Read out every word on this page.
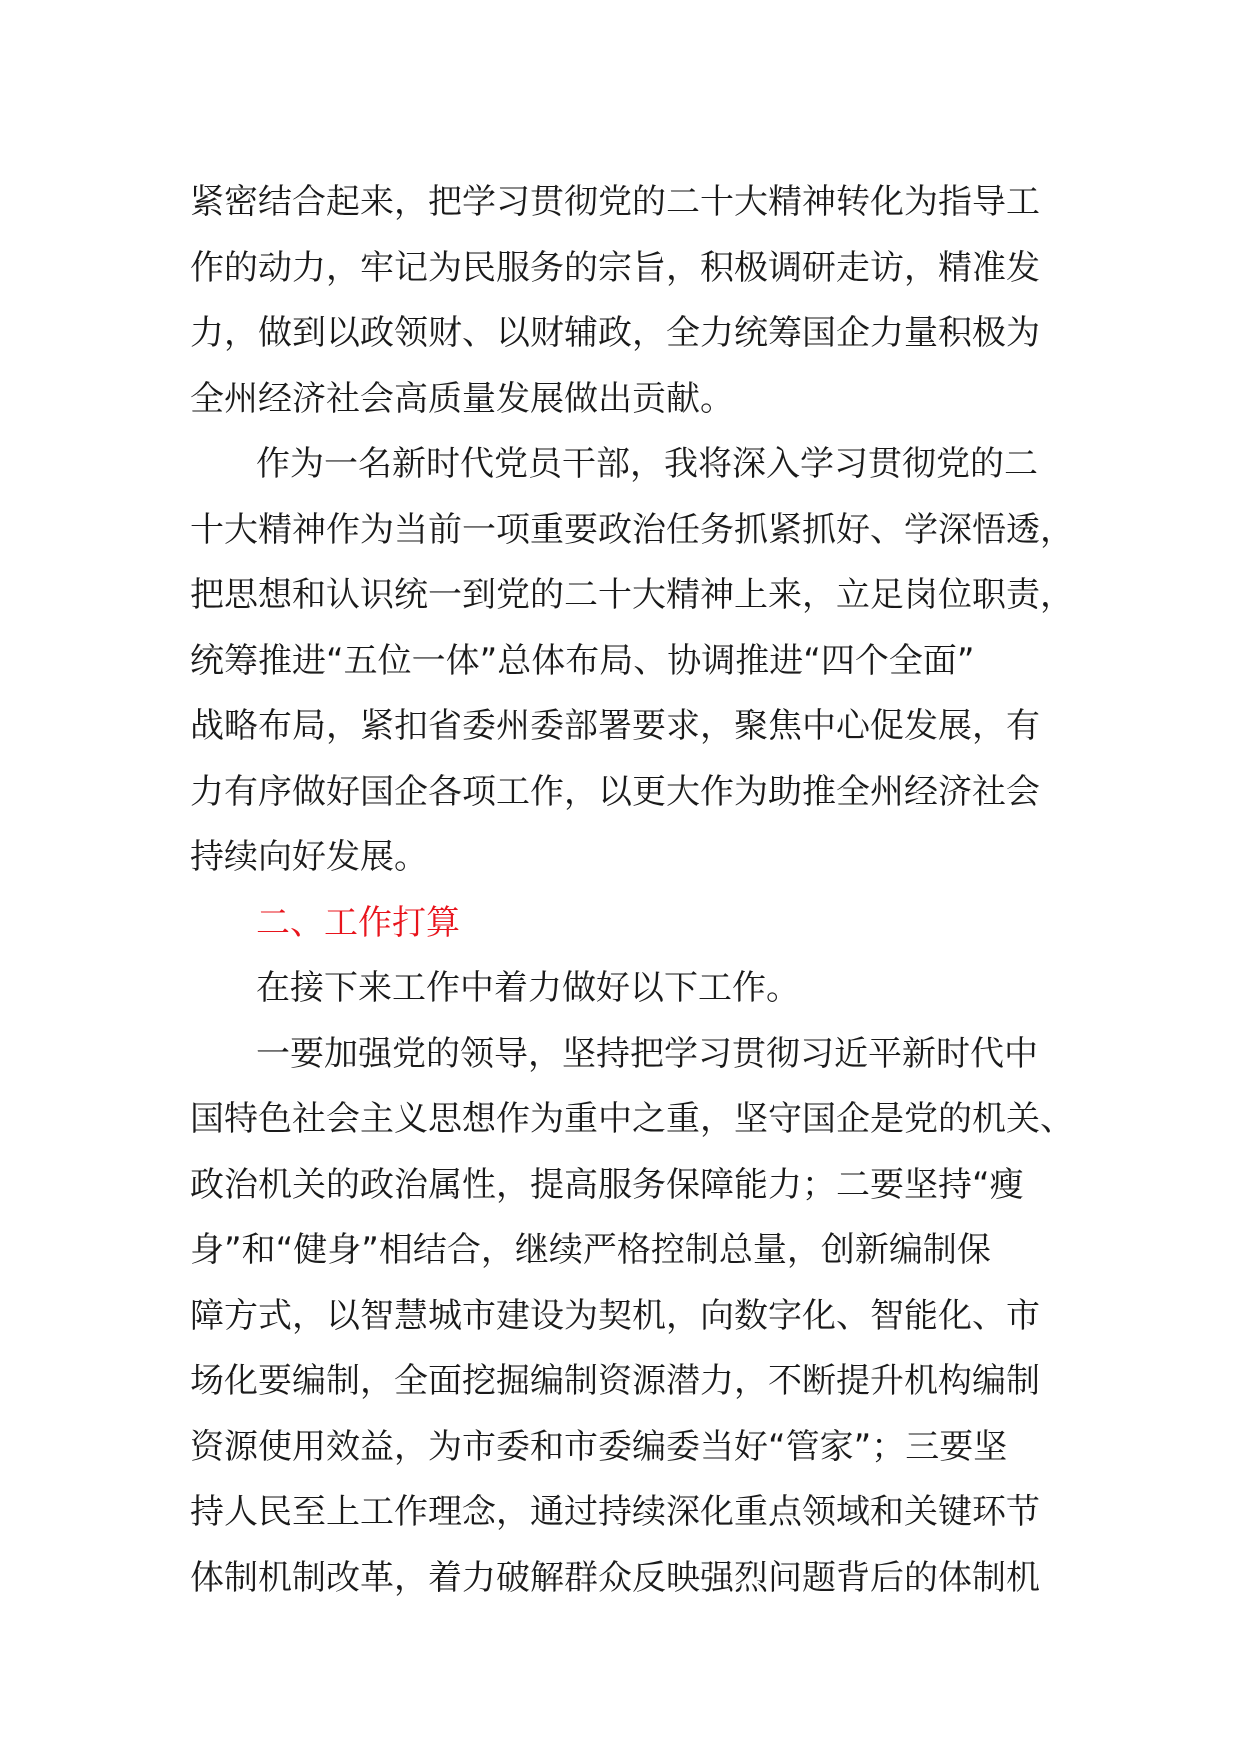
紧密结合起来，把学习贯彻党的二十大精神转化为指导工
作的动力，牢记为民服务的宗旨，积极调研走访，精准发
力，做到以政领财、以财辅政，全力统筹国企力量积极为
全州经济社会高质量发展做出贡献。
作为一名新时代党员干部，我将深入学习贯彻党的二
十大精神作为当前一项重要政治任务抓紧抓好、学深悟透，
把思想和认识统一到党的二十大精神上来，立足岗位职责，
统筹推进“五位一体”总体布局、协调推进“四个全面”
战略布局，紧扣省委州委部署要求，聚焦中心促发展，有
力有序做好国企各项工作，以更大作为助推全州经济社会
持续向好发展。
二、工作打算
在接下来工作中着力做好以下工作。
一要加强党的领导，坚持把学习贯彻习近平新时代中
国特色社会主义思想作为重中之重，坚守国企是党的机关、
政治机关的政治属性，提高服务保障能力；二要坚持“瘦
身”和“健身”相结合，继续严格控制总量，创新编制保
障方式，以智慧城市建设为契机，向数字化、智能化、市
场化要编制，全面挖掘编制资源潜力，不断提升机构编制
资源使用效益，为市委和市委编委当好“管家”；三要坚
持人民至上工作理念，通过持续深化重点领域和关键环节
体制机制改革，着力破解群众反映强烈问题背后的体制机
